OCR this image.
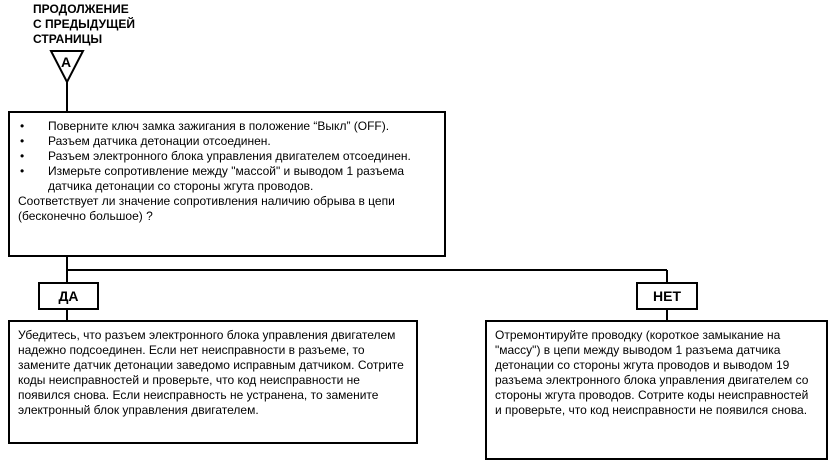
ПРОДОЛЖЕНИЕ
С ПРЕДЫДУЩЕЙ
СТРАНИЦЫ
A
• Поверните ключ замка зажигания в положение “Выкл” (OFF).
• Разъем датчика детонации отсоединен.
• Разъем электронного блока управления двигателем отсоединен.
• Измерьте сопротивление между "массой" и выводом 1 разъема датчика детонации со стороны жгута проводов.
Соответствует ли значение сопротивления наличию обрыва в цепи (бесконечно большое) ?
ДА	НЕТ
Убедитесь, что разъем электронного блока управления двигателем надежно подсоединен. Если нет неисправности в разъеме, то замените датчик детонации заведомо исправным датчиком. Сотрите коды неисправностей и проверьте, что код неисправности не появился снова. Если неисправность не устранена, то замените электронный блок управления двигателем.
Отремонтируйте проводку (короткое замыкание на "массу") в цепи между выводом 1 разъема датчика детонации со стороны жгута проводов и выводом 19 разъема электронного блока управления двигателем со стороны жгута проводов. Сотрите коды неисправностей и проверьте, что код неисправности не появился снова.
